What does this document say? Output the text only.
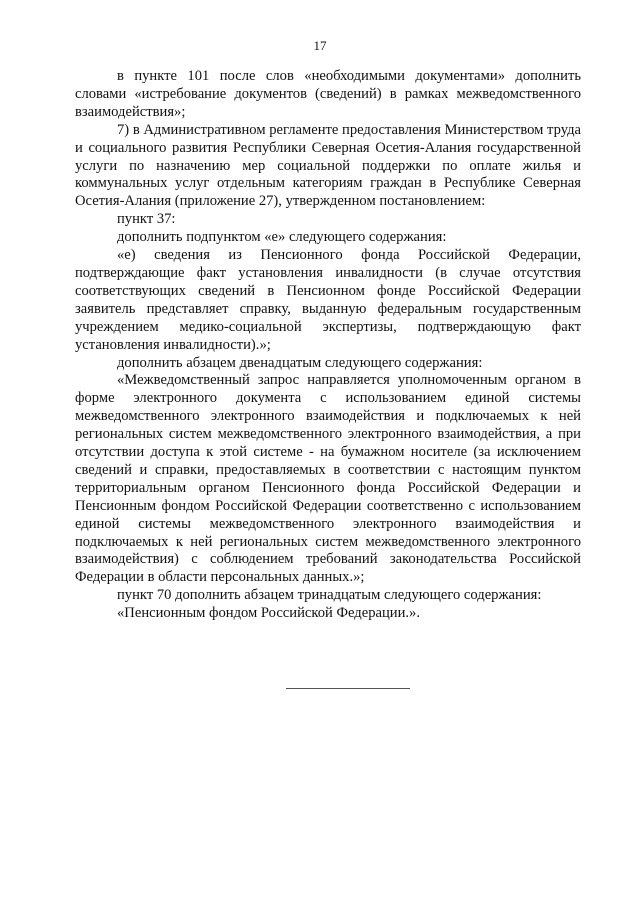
17

в пункте 101 после слов «необходимыми документами» дополнить словами «истребование документов (сведений) в рамках межведомственного взаимодействия»;

7) в Административном регламенте предоставления Министерством труда и социального развития Республики Северная Осетия-Алания государственной услуги по назначению мер социальной поддержки по оплате жилья и коммунальных услуг отдельным категориям граждан в Республике Северная Осетия-Алания (приложение 27), утвержденном постановлением:

пункт 37:

дополнить подпунктом «е» следующего содержания:

«е) сведения из Пенсионного фонда Российской Федерации, подтверждающие факт установления инвалидности (в случае отсутствия соответствующих сведений в Пенсионном фонде Российской Федерации заявитель представляет справку, выданную федеральным государственным учреждением медико-социальной экспертизы, подтверждающую факт установления инвалидности).»;

дополнить абзацем двенадцатым следующего содержания:

«Межведомственный запрос направляется уполномоченным органом в форме электронного документа с использованием единой системы межведомственного электронного взаимодействия и подключаемых к ней региональных систем межведомственного электронного взаимодействия, а при отсутствии доступа к этой системе - на бумажном носителе (за исключением сведений и справки, предоставляемых в соответствии с настоящим пунктом территориальным органом Пенсионного фонда Российской Федерации и Пенсионным фондом Российской Федерации соответственно с использованием единой системы межведомственного электронного взаимодействия и подключаемых к ней региональных систем межведомственного электронного взаимодействия) с соблюдением требований законодательства Российской Федерации в области персональных данных.»;

пункт 70 дополнить абзацем тринадцатым следующего содержания:

«Пенсионным фондом Российской Федерации.».
